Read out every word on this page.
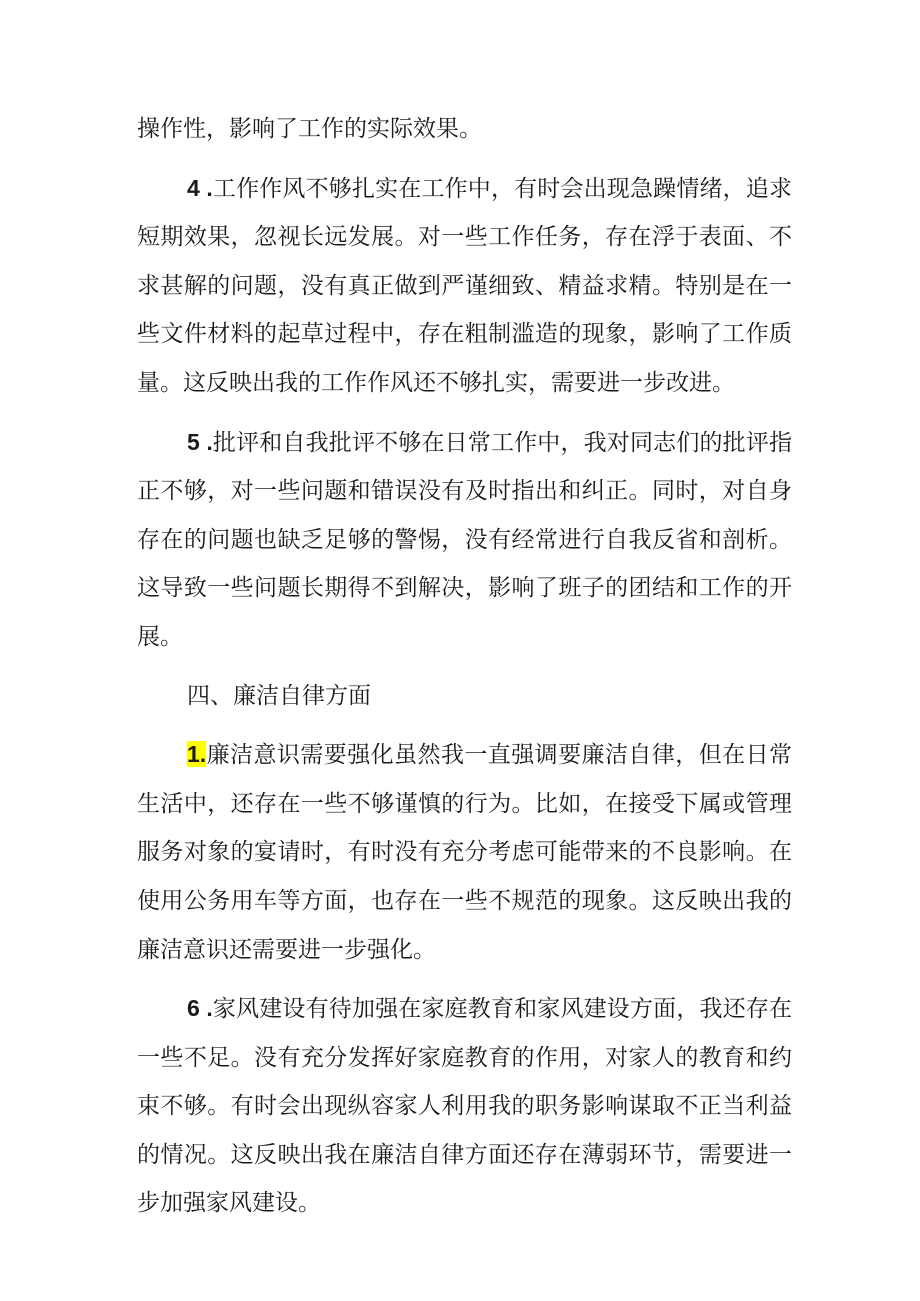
操作性，影响了工作的实际效果。

4 .工作作风不够扎实在工作中，有时会出现急躁情绪，追求短期效果，忽视长远发展。对一些工作任务，存在浮于表面、不求甚解的问题，没有真正做到严谨细致、精益求精。特别是在一些文件材料的起草过程中，存在粗制滥造的现象，影响了工作质量。这反映出我的工作作风还不够扎实，需要进一步改进。

5 .批评和自我批评不够在日常工作中，我对同志们的批评指正不够，对一些问题和错误没有及时指出和纠正。同时，对自身存在的问题也缺乏足够的警惕，没有经常进行自我反省和剖析。这导致一些问题长期得不到解决，影响了班子的团结和工作的开展。

四、廉洁自律方面

1.廉洁意识需要强化虽然我一直强调要廉洁自律，但在日常生活中，还存在一些不够谨慎的行为。比如，在接受下属或管理服务对象的宴请时，有时没有充分考虑可能带来的不良影响。在使用公务用车等方面，也存在一些不规范的现象。这反映出我的廉洁意识还需要进一步强化。

6 .家风建设有待加强在家庭教育和家风建设方面，我还存在一些不足。没有充分发挥好家庭教育的作用，对家人的教育和约束不够。有时会出现纵容家人利用我的职务影响谋取不正当利益的情况。这反映出我在廉洁自律方面还存在薄弱环节，需要进一步加强家风建设。
